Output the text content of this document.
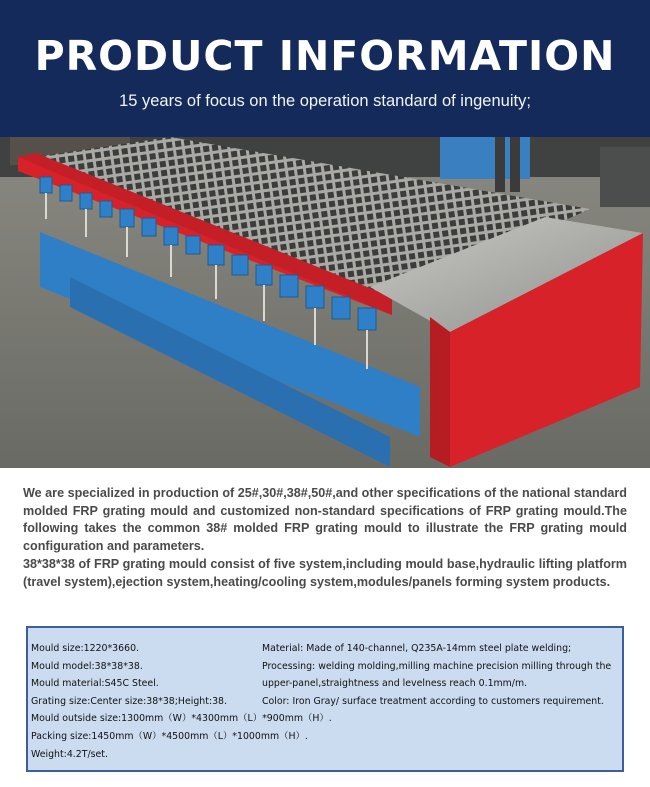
PRODUCT INFORMATION
15 years of focus on the operation standard of ingenuity;

We are specialized in production of 25#,30#,38#,50#,and other specifications of the national standard molded FRP grating mould and customized non-standard specifications of FRP grating mould.The following takes the common 38# molded FRP grating mould to illustrate the FRP grating mould configuration and parameters.

38*38*38 of FRP grating mould consist of five system,including mould base,hydraulic lifting platform (travel system),ejection system,heating/cooling system,modules/panels forming system products.

Mould size:1220*3660.
Mould model:38*38*38.
Mould material:S45C Steel.
Grating size:Center size:38*38;Height:38.
Mould outside size:1300mm（W）*4300mm（L）*900mm（H）.
Packing size:1450mm（W）*4500mm（L）*1000mm（H）.
Weight:4.2T/set.
Material: Made of 140-channel, Q235A-14mm steel plate welding;
Processing: welding molding,milling machine precision milling through the upper-panel,straightness and levelness reach 0.1mm/m.
Color: Iron Gray/ surface treatment according to customers requirement.
